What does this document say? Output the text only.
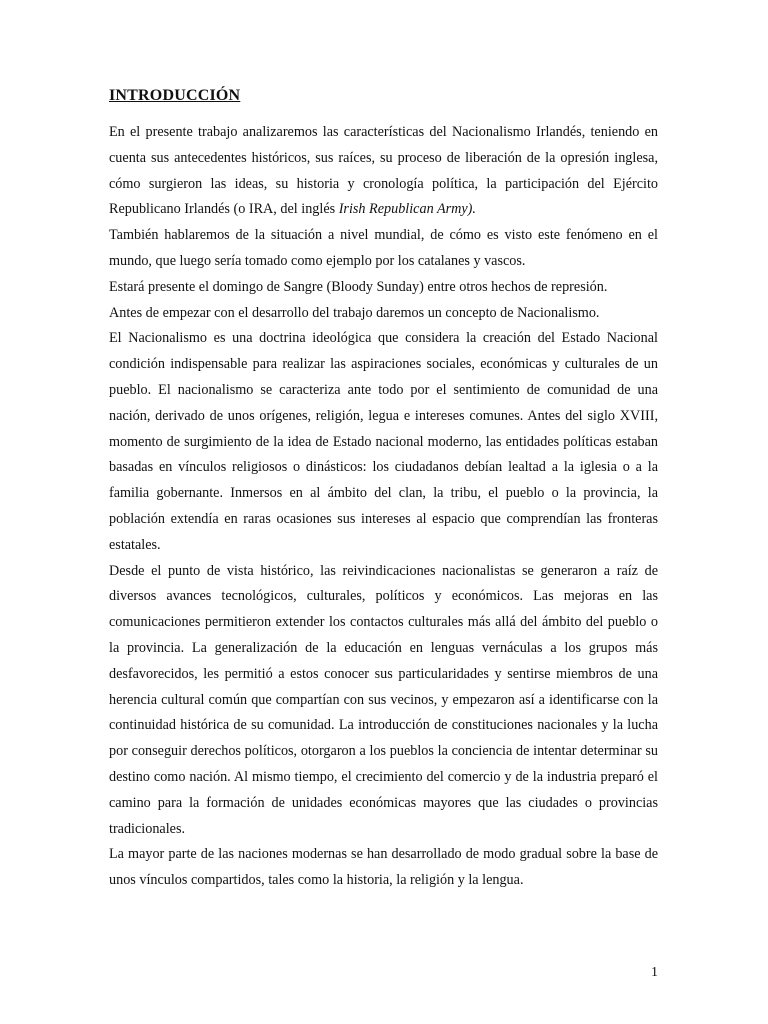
INTRODUCCIÓN

En el presente trabajo analizaremos las características del Nacionalismo Irlandés, teniendo en cuenta sus antecedentes históricos, sus raíces, su proceso de liberación de la opresión inglesa, cómo surgieron las ideas, su historia y cronología política, la participación del Ejército Republicano Irlandés (o IRA, del inglés Irish Republican Army).

También hablaremos de la situación a nivel mundial, de cómo es visto este fenómeno en el mundo, que luego sería tomado como ejemplo por los catalanes y vascos.

Estará presente el domingo de Sangre (Bloody Sunday) entre otros hechos de represión.

Antes de empezar con el desarrollo del trabajo daremos un concepto de Nacionalismo.

El Nacionalismo es una doctrina ideológica que considera la creación del Estado Nacional condición indispensable para realizar las aspiraciones sociales, económicas y culturales de un pueblo. El nacionalismo se caracteriza ante todo por el sentimiento de comunidad de una nación, derivado de unos orígenes, religión, legua e intereses comunes. Antes del siglo XVIII, momento de surgimiento de la idea de Estado nacional moderno, las entidades políticas estaban basadas en vínculos religiosos o dinásticos: los ciudadanos debían lealtad a la iglesia o a la familia gobernante. Inmersos en al ámbito del clan, la tribu, el pueblo o la provincia, la población extendía en raras ocasiones sus intereses al espacio que comprendían las fronteras estatales.

Desde el punto de vista histórico, las reivindicaciones nacionalistas se generaron a raíz de diversos avances tecnológicos, culturales, políticos y económicos. Las mejoras en las comunicaciones permitieron extender los contactos culturales más allá del ámbito del pueblo o la provincia. La generalización de la educación en lenguas vernáculas a los grupos más desfavorecidos, les permitió a estos conocer sus particularidades y sentirse miembros de una herencia cultural común que compartían con sus vecinos, y empezaron así a identificarse con la continuidad histórica de su comunidad. La introducción de constituciones nacionales y la lucha por conseguir derechos políticos, otorgaron a los pueblos la conciencia de intentar determinar su destino como nación. Al mismo tiempo, el crecimiento del comercio y de la industria preparó el camino para la formación de unidades económicas mayores que las ciudades o provincias tradicionales.

La mayor parte de las naciones modernas se han desarrollado de modo gradual sobre la base de unos vínculos compartidos, tales como la historia, la religión y la lengua.

1
